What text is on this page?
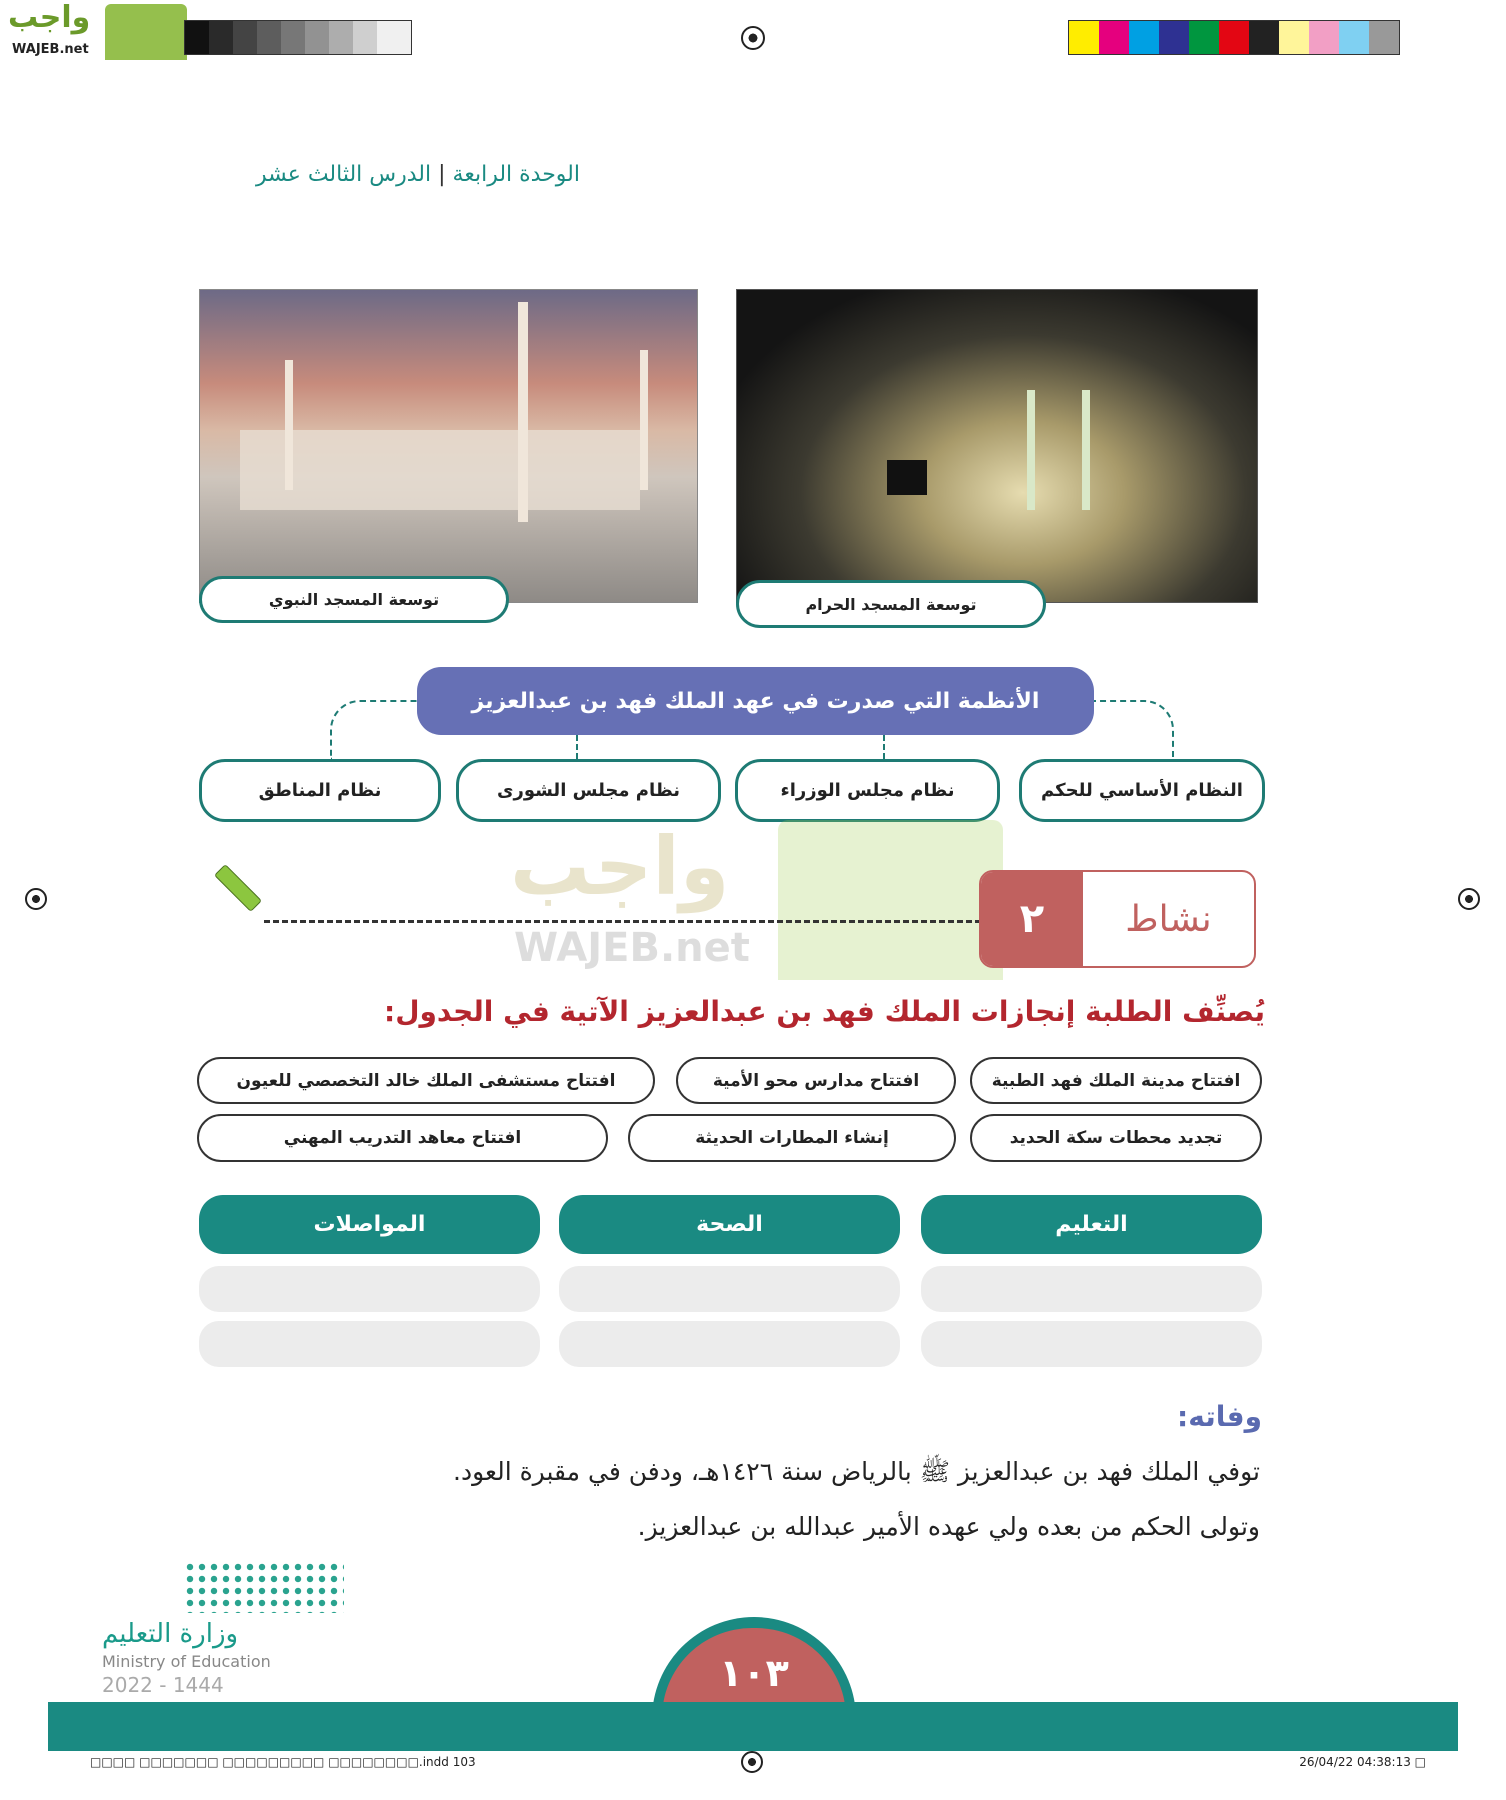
واجب
WAJEB.net
الوحدة الرابعة | الدرس الثالث عشر
توسعة المسجد النبوي	توسعة المسجد الحرام
الأنظمة التي صدرت في عهد الملك فهد بن عبدالعزيز
النظام الأساسي للحكم
نظام مجلس الوزراء
نظام مجلس الشورى
نظام المناطق
واجب
WAJEB.net
٢	نشاط
يُصنِّف الطلبة إنجازات الملك فهد بن عبدالعزيز الآتية في الجدول:
افتتاح مدينة الملك فهد الطبية
افتتاح مدارس محو الأمية
افتتاح مستشفى الملك خالد التخصصي للعيون
تجديد محطات سكة الحديد
إنشاء المطارات الحديثة
افتتاح معاهد التدريب المهني
التعليم
الصحة
المواصلات
وفاته:
توفي الملك فهد بن عبدالعزيز ﷺ بالرياض سنة ١٤٢٦هـ، ودفن في مقبرة العود.
وتولى الحكم من بعده ولي عهده الأمير عبدالله بن عبدالعزيز.
وزارة التعليم
Ministry of Education
2022 - 1444	١٠٣
□□□□ □□□□□□□ □□□□□□□□□ □□□□□□□□.indd 103	26/04/22 04:38:13 □
